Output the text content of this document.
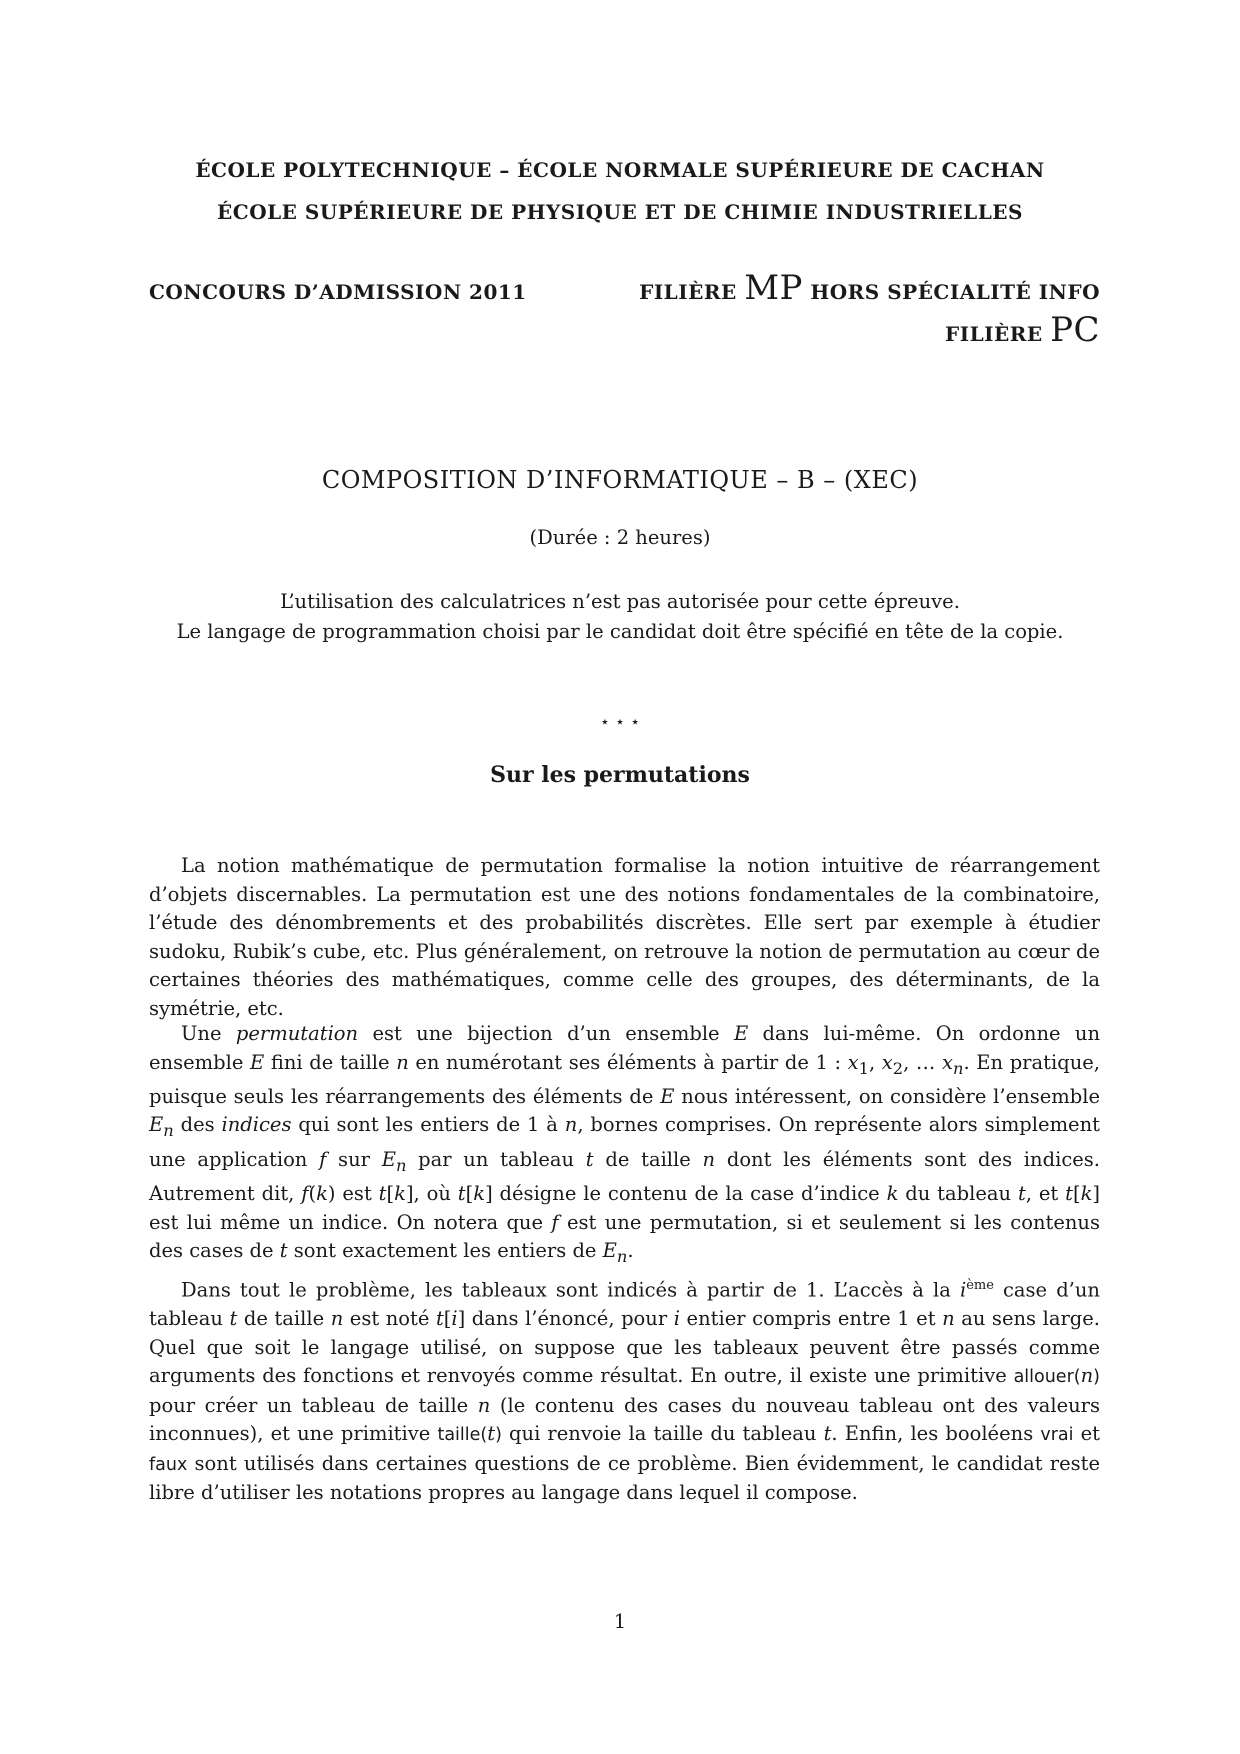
ÉCOLE POLYTECHNIQUE – ÉCOLE NORMALE SUPÉRIEURE DE CACHAN
ÉCOLE SUPÉRIEURE DE PHYSIQUE ET DE CHIMIE INDUSTRIELLES
CONCOURS D’ADMISSION 2011	FILIÈRE MP HORS SPÉCIALITÉ INFO
FILIÈRE PC
COMPOSITION D’INFORMATIQUE – B – (XEC)
(Durée : 2 heures)
L’utilisation des calculatrices n’est pas autorisée pour cette épreuve.
Le langage de programmation choisi par le candidat doit être spécifié en tête de la copie.
⋆ ⋆ ⋆
Sur les permutations

La notion mathématique de permutation formalise la notion intuitive de réarrangement d’objets discernables. La permutation est une des notions fondamentales de la combinatoire, l’étude des dénombrements et des probabilités discrètes. Elle sert par exemple à étudier sudoku, Rubik’s cube, etc. Plus généralement, on retrouve la notion de permutation au cœur de certaines théories des mathématiques, comme celle des groupes, des déterminants, de la symétrie, etc.

Une permutation est une bijection d’un ensemble E dans lui-même. On ordonne un ensemble E fini de taille n en numérotant ses éléments à partir de 1 : $x_1$, $x_2$, … $x_n$. En pratique, puisque seuls les réarrangements des éléments de E nous intéressent, on considère l’ensemble $E_n$ des indices qui sont les entiers de 1 à n, bornes comprises. On représente alors simplement une application f sur $E_n$ par un tableau t de taille n dont les éléments sont des indices. Autrement dit, f(k) est t[k], où t[k] désigne le contenu de la case d’indice k du tableau t, et t[k] est lui même un indice. On notera que f est une permutation, si et seulement si les contenus des cases de t sont exactement les entiers de $E_n$.

Dans tout le problème, les tableaux sont indicés à partir de 1. L’accès à la $i^{ème}$ case d’un tableau t de taille n est noté t[i] dans l’énoncé, pour i entier compris entre 1 et n au sens large. Quel que soit le langage utilisé, on suppose que les tableaux peuvent être passés comme arguments des fonctions et renvoyés comme résultat. En outre, il existe une primitive allouer(n) pour créer un tableau de taille n (le contenu des cases du nouveau tableau ont des valeurs inconnues), et une primitive taille(t) qui renvoie la taille du tableau t. Enfin, les booléens vrai et faux sont utilisés dans certaines questions de ce problème. Bien évidemment, le candidat reste libre d’utiliser les notations propres au langage dans lequel il compose.

1
